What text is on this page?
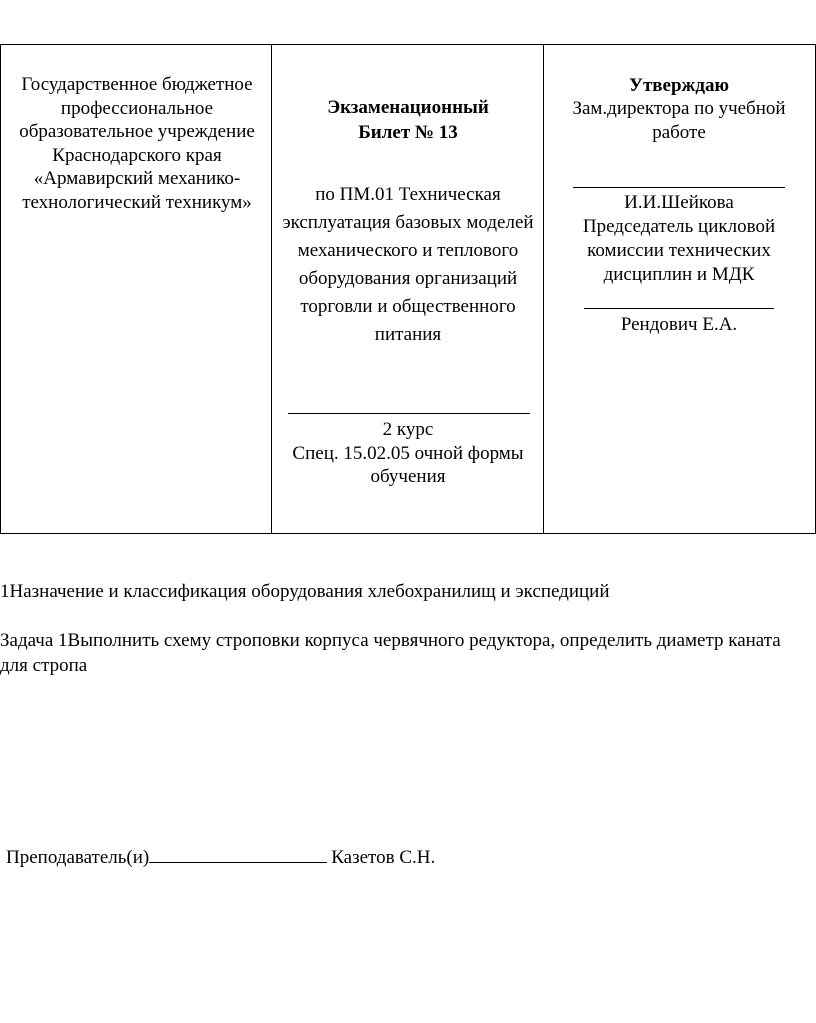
Государственное бюджетное профессиональное образовательное учреждение Краснодарского края «Армавирский механико-технологический техникум»
Экзаменационный
Билет № 13
по ПМ.01 Техническая эксплуатация базовых моделей механического и теплового оборудования организаций торговли и общественного питания
2 курс
Спец. 15.02.05 очной формы обучения
Утверждаю
Зам.директора по учебной работе
И.И.Шейкова
Председатель цикловой комиссии технических дисциплин и МДК
Рендович Е.А.
1Назначение и классификация оборудования хлебохранилищ и экспедиций
Задача 1Выполнить схему строповки корпуса червячного редуктора, определить диаметр каната для стропа
Преподаватель(и)	Казетов С.Н.
